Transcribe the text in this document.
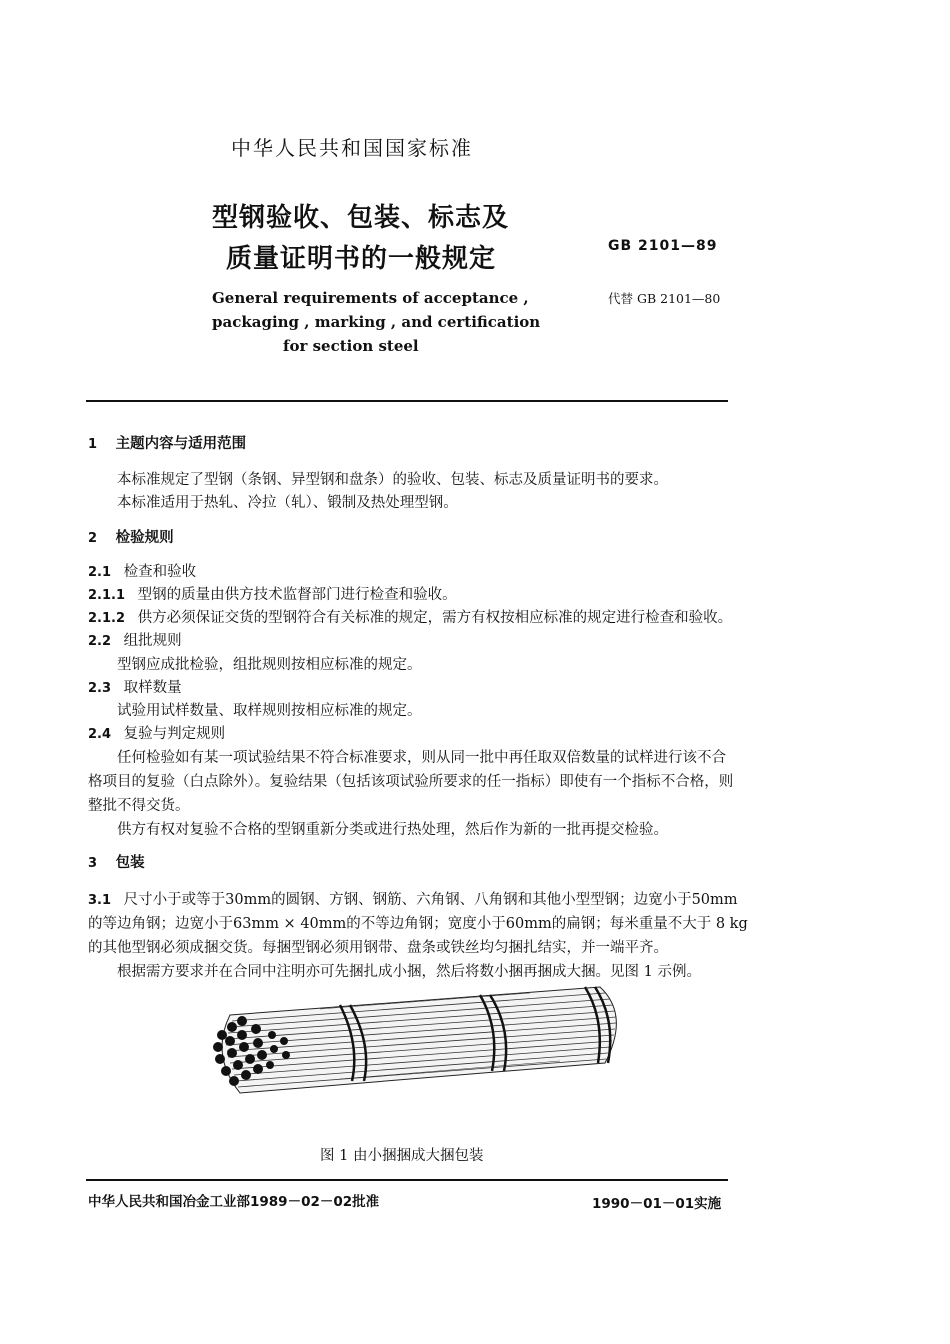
中华人民共和国国家标准
型钢验收、包装、标志及
质量证明书的一般规定	GB 2101—89
代替 GB 2101—80
General requirements of acceptance ,
packaging , marking , and certification
for section steel
1 主题内容与适用范围
本标准规定了型钢（条钢、异型钢和盘条）的验收、包装、标志及质量证明书的要求。
本标准适用于热轧、冷拉（轧）、锻制及热处理型钢。
2 检验规则
2.1 检查和验收
2.1.1 型钢的质量由供方技术监督部门进行检查和验收。
2.1.2 供方必须保证交货的型钢符合有关标准的规定，需方有权按相应标准的规定进行检查和验收。
2.2 组批规则
型钢应成批检验，组批规则按相应标准的规定。
2.3 取样数量
试验用试样数量、取样规则按相应标准的规定。
2.4 复验与判定规则
任何检验如有某一项试验结果不符合标准要求，则从同一批中再任取双倍数量的试样进行该不合
格项目的复验（白点除外）。复验结果（包括该项试验所要求的任一指标）即使有一个指标不合格，则
整批不得交货。
供方有权对复验不合格的型钢重新分类或进行热处理，然后作为新的一批再提交检验。
3 包装
3.1 尺寸小于或等于30mm的圆钢、方钢、钢筋、六角钢、八角钢和其他小型型钢；边宽小于50mm
的等边角钢；边宽小于63mm × 40mm的不等边角钢；宽度小于60mm的扁钢；每米重量不大于 8 kg
的其他型钢必须成捆交货。每捆型钢必须用钢带、盘条或铁丝均匀捆扎结实，并一端平齐。
根据需方要求并在合同中注明亦可先捆扎成小捆，然后将数小捆再捆成大捆。见图 1 示例。
图 1 由小捆捆成大捆包装
中华人民共和国冶金工业部1989－02－02批准	1990－01－01实施
